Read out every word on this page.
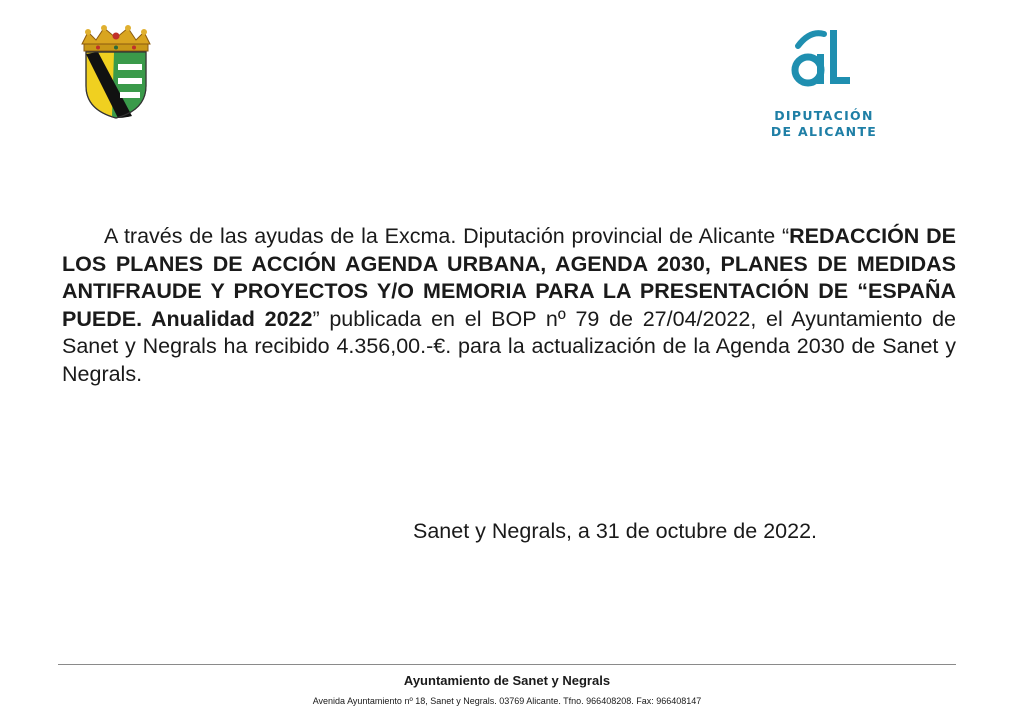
DIPUTACIÓN
DE ALICANTE

A través de las ayudas de la Excma. Diputación provincial de Alicante “REDACCIÓN DE LOS PLANES DE ACCIÓN AGENDA URBANA, AGENDA 2030, PLANES DE MEDIDAS ANTIFRAUDE Y PROYECTOS Y/O MEMORIA PARA LA PRESENTACIÓN DE “ESPAÑA PUEDE. Anualidad 2022” publicada en el BOP nº 79 de 27/04/2022, el Ayuntamiento de Sanet y Negrals ha recibido 4.356,00.-€. para la actualización de la Agenda 2030 de Sanet y Negrals.

Sanet y Negrals, a 31 de octubre de 2022.
Ayuntamiento de Sanet y Negrals
Avenida Ayuntamiento nº 18, Sanet y Negrals. 03769 Alicante. Tfno. 966408208. Fax: 966408147
